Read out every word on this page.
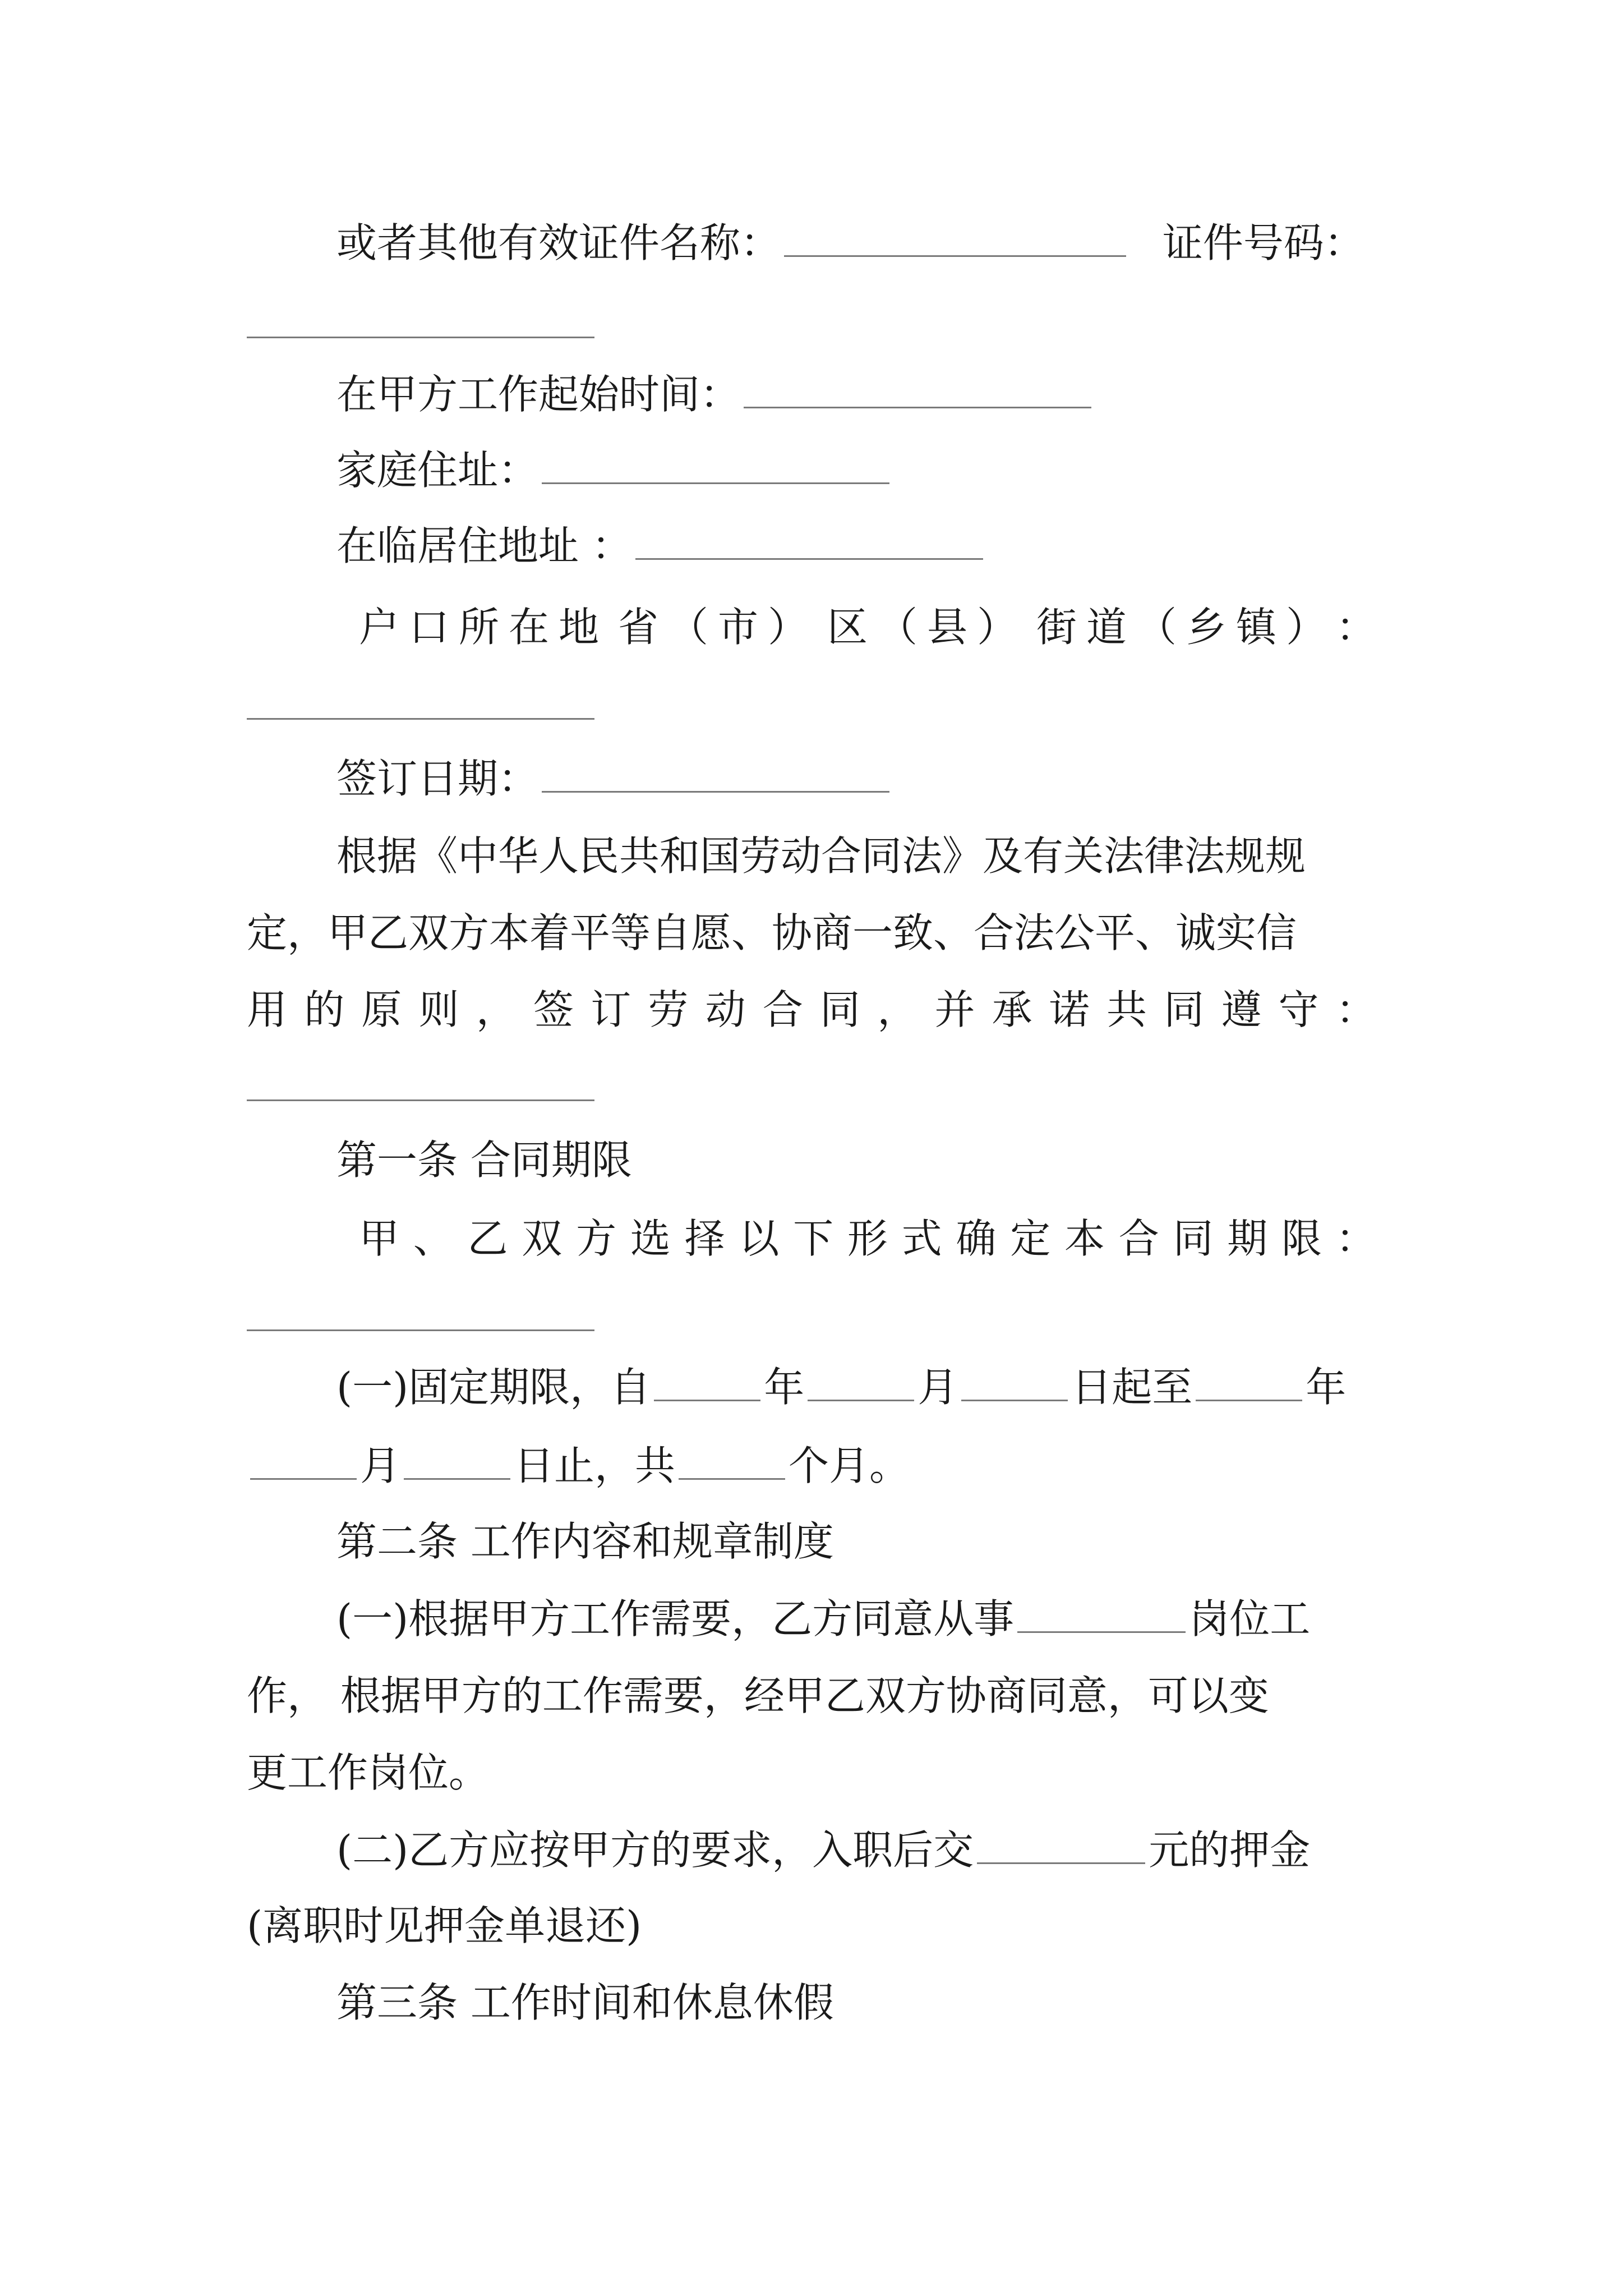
或者其他有效证件名称：	证件号码：
在甲方工作起始时间：
家庭住址：
在临居住地址 ：
户 口 所 在 地 省 （ 市 ） 区 （ 县 ） 街 道 （ 乡 镇 ） ：
签订日期：
根据《中华人民共和国劳动合同法》及有关法律法规规
定，甲乙双方本着平等自愿、协商一致、合法公平、诚实信
用 的 原 则 ， 签 订 劳 动 合 同 ， 并 承 诺 共 同 遵 守 ：
第一条 合同期限
甲 、 乙 双 方 选 择 以 下 形 式 确 定 本 合 同 期 限 ：
(一)固定期限，自	年	月	日起至	年
月	日止，共	个月。
第二条 工作内容和规章制度
(一)根据甲方工作需要，乙方同意从事	岗位工
作， 根据甲方的工作需要，经甲乙双方协商同意，可以变
更工作岗位。
(二)乙方应按甲方的要求，入职后交	元的押金
(离职时见押金单退还)
第三条 工作时间和休息休假
